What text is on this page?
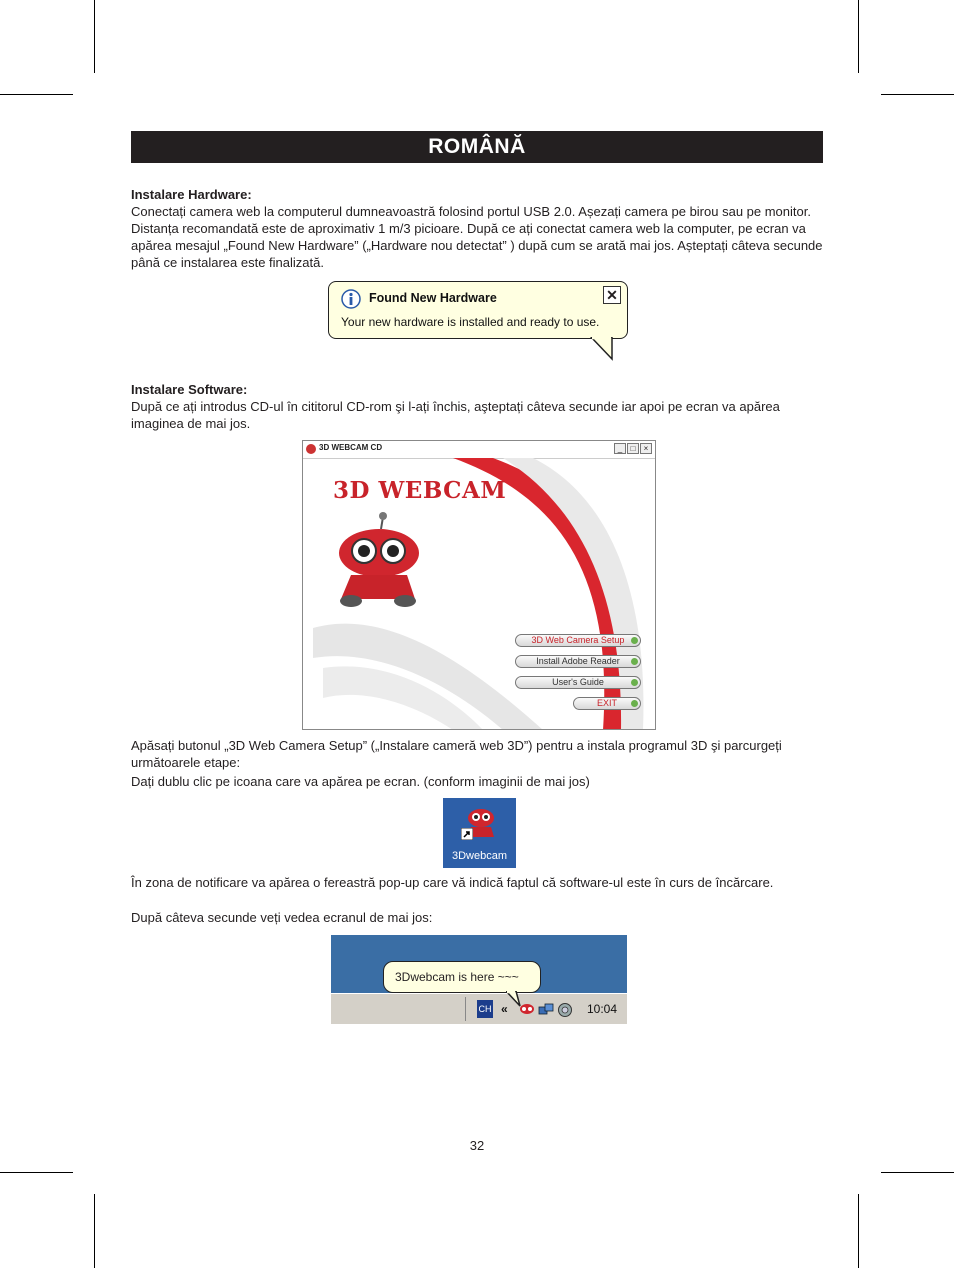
ROMÂNĂ
Instalare Hardware:
Conectați camera web la computerul dumneavoastră folosind portul USB 2.0. Așezați camera pe birou sau pe monitor. Distanța recomandată este de aproximativ 1 m/3 picioare. După ce ați conectat camera web la computer, pe ecran va apărea mesajul „Found New Hardware” („Hardware nou detectat” ) după cum se arată mai jos. Așteptați câteva secunde până ce instalarea este finalizată.
Found New Hardware
Your new hardware is installed and ready to use.
✕
Instalare Software:
După ce ați introdus CD-ul în cititorul CD-rom şi l-ați închis, aşteptați câteva secunde iar apoi pe ecran va apărea imaginea de mai jos.
3D WEBCAM CD	_	□	×
3D WEBCAM
3D Web Camera Setup
Install Adobe Reader
User's Guide
EXIT
Apăsați butonul „3D Web Camera Setup” („Instalare cameră web 3D”) pentru a instala programul 3D şi parcurgeți următoarele etape:
Dați dublu clic pe icoana care va apărea pe ecran. (conform imaginii de mai jos)
3Dwebcam
În zona de notificare va apărea o fereastră pop-up care vă indică faptul că software-ul este în curs de încărcare.
După câteva secunde veți vedea ecranul de mai jos:
3Dwebcam is here ~~~
CH «	10:04
32
